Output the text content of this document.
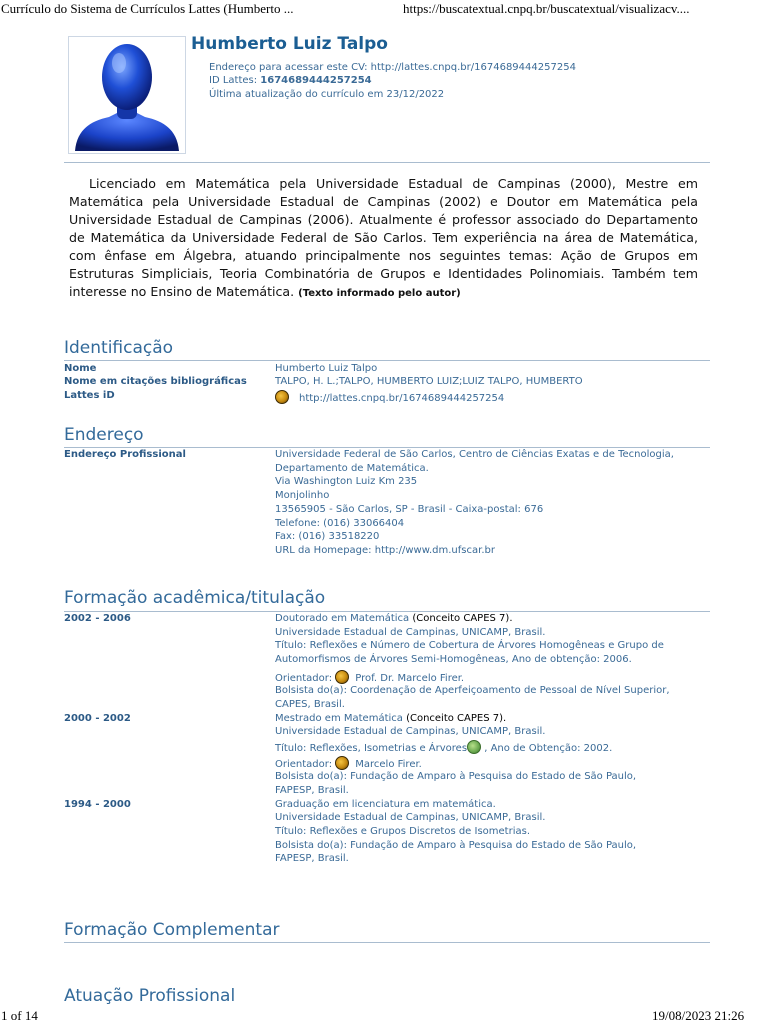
Currículo do Sistema de Currículos Lattes (Humberto ...	https://buscatextual.cnpq.br/buscatextual/visualizacv....
Humberto Luiz Talpo
Endereço para acessar este CV: http://lattes.cnpq.br/1674689444257254
ID Lattes: 1674689444257254
Última atualização do currículo em 23/12/2022
Licenciado em Matemática pela Universidade Estadual de Campinas (2000), Mestre em Matemática pela Universidade Estadual de Campinas (2002) e Doutor em Matemática pela Universidade Estadual de Campinas (2006). Atualmente é professor associado do Departamento de Matemática da Universidade Federal de São Carlos. Tem experiência na área de Matemática, com ênfase em Álgebra, atuando principalmente nos seguintes temas: Ação de Grupos em Estruturas Simpliciais, Teoria Combinatória de Grupos e Identidades Polinomiais. Também tem interesse no Ensino de Matemática. (Texto informado pelo autor)
Identificação
Nome	Humberto Luiz Talpo
Nome em citações bibliográficas	TALPO, H. L.;TALPO, HUMBERTO LUIZ;LUIZ TALPO, HUMBERTO
Lattes iD	http://lattes.cnpq.br/1674689444257254
Endereço
Endereço Profissional	Universidade Federal de São Carlos, Centro de Ciências Exatas e de Tecnologia,
Departamento de Matemática.
Via Washington Luiz Km 235
Monjolinho
13565905 - São Carlos, SP - Brasil - Caixa-postal: 676
Telefone: (016) 33066404
Fax: (016) 33518220
URL da Homepage: http://www.dm.ufscar.br
Formação acadêmica/titulação
2002 - 2006	Doutorado em Matemática (Conceito CAPES 7).
Universidade Estadual de Campinas, UNICAMP, Brasil.
Título: Reflexões e Número de Cobertura de Árvores Homogêneas e Grupo de
Automorfismos de Árvores Semi-Homogêneas, Ano de obtenção: 2006.
Orientador: Prof. Dr. Marcelo Firer.
Bolsista do(a): Coordenação de Aperfeiçoamento de Pessoal de Nível Superior,
CAPES, Brasil.
2000 - 2002	Mestrado em Matemática (Conceito CAPES 7).
Universidade Estadual de Campinas, UNICAMP, Brasil.
Título: Reflexões, Isometrias e Árvores , Ano de Obtenção: 2002.
Orientador: Marcelo Firer.
Bolsista do(a): Fundação de Amparo à Pesquisa do Estado de São Paulo,
FAPESP, Brasil.
1994 - 2000	Graduação em licenciatura em matemática.
Universidade Estadual de Campinas, UNICAMP, Brasil.
Título: Reflexões e Grupos Discretos de Isometrias.
Bolsista do(a): Fundação de Amparo à Pesquisa do Estado de São Paulo,
FAPESP, Brasil.
Formação Complementar
Atuação Profissional
1 of 14	19/08/2023 21:26
